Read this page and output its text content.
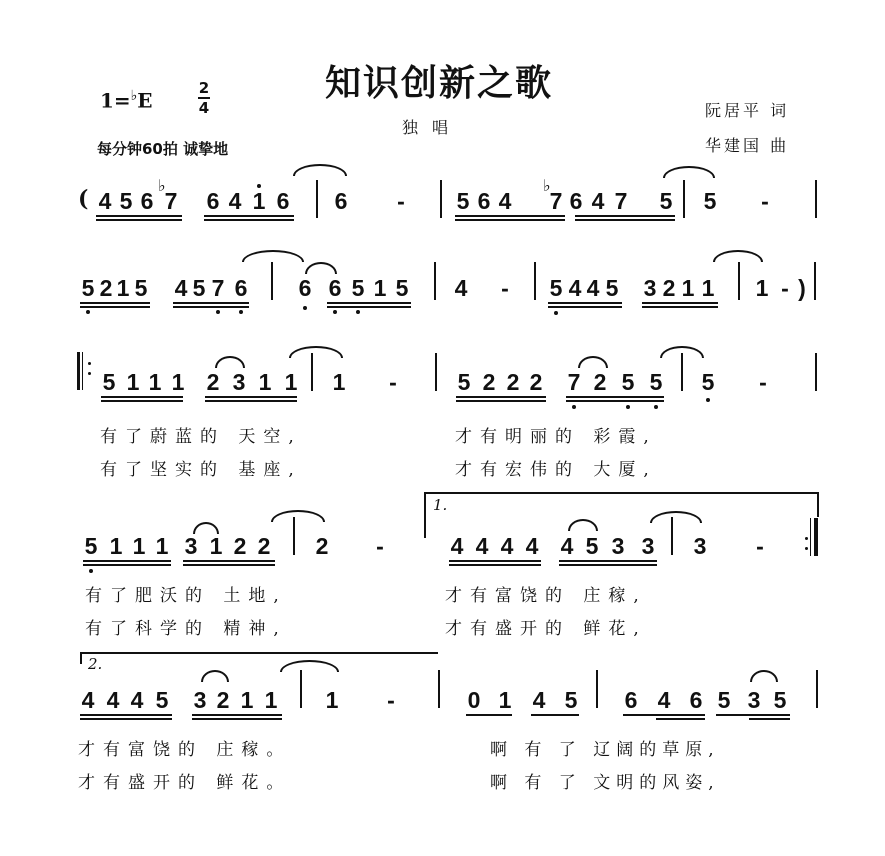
知识创新之歌
1=♭E
2
4
独唱
每分钟60拍 诚挚地
阮居平 词
华建国 曲
( 4 5 6
♭
7 6 4 1 6 6 - 5 6 4
♭
7 6 4 7 5 5 -
5 2 1 5 4 5 7 6 6 6 5 1 5 4 - 5 4 4 5 3 2 1 1 1 - )
5 1 1 1 2 3 1 1 1 -	5 2 2 2 7 2 5 5 5 -
有了蔚蓝的 天空,
有了坚实的 基座,
才有明丽的 彩霞,
才有宏伟的 大厦,
5 1 1 1 3 1 2 2 2 -
1.
4 4 4 4 4 5 3 3 3 -
有了肥沃的 土地,
有了科学的 精神,
才有富饶的 庄稼,
才有盛开的 鲜花,
2.
4 4 4 5 3 2 1 1 1 -	0 1 4 5 6 4 6 5 3 5
才有富饶的 庄稼。
才有盛开的 鲜花。
啊 有 了 辽阔的草原,
啊 有 了 文明的风姿,
